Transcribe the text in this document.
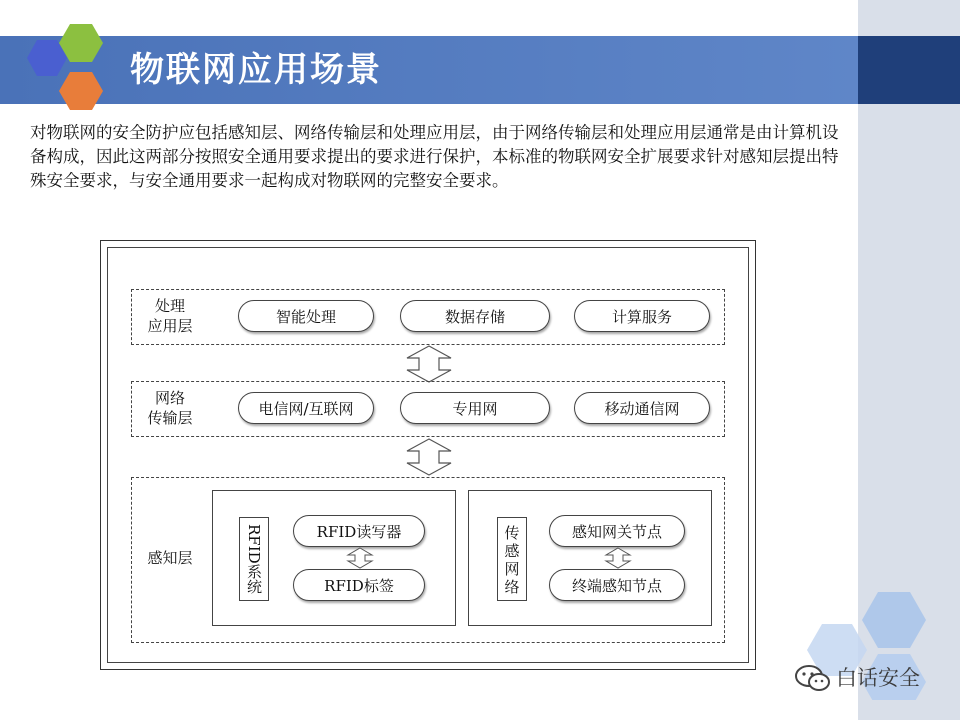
物联网应用场景
对物联网的安全防护应包括感知层、网络传输层和处理应用层，由于网络传输层和处理应用层通常是由计算机设备构成，因此这两部分按照安全通用要求提出的要求进行保护，本标准的物联网安全扩展要求针对感知层提出特殊安全要求，与安全通用要求一起构成对物联网的完整安全要求。
处理
应用层
智能处理	数据存储	计算服务
网络
传输层
电信网/互联网	专用网	移动通信网
感知层	RFID系统	RFID读写器
RFID标签
传感网络
感知网关节点
终端感知节点
白话安全
